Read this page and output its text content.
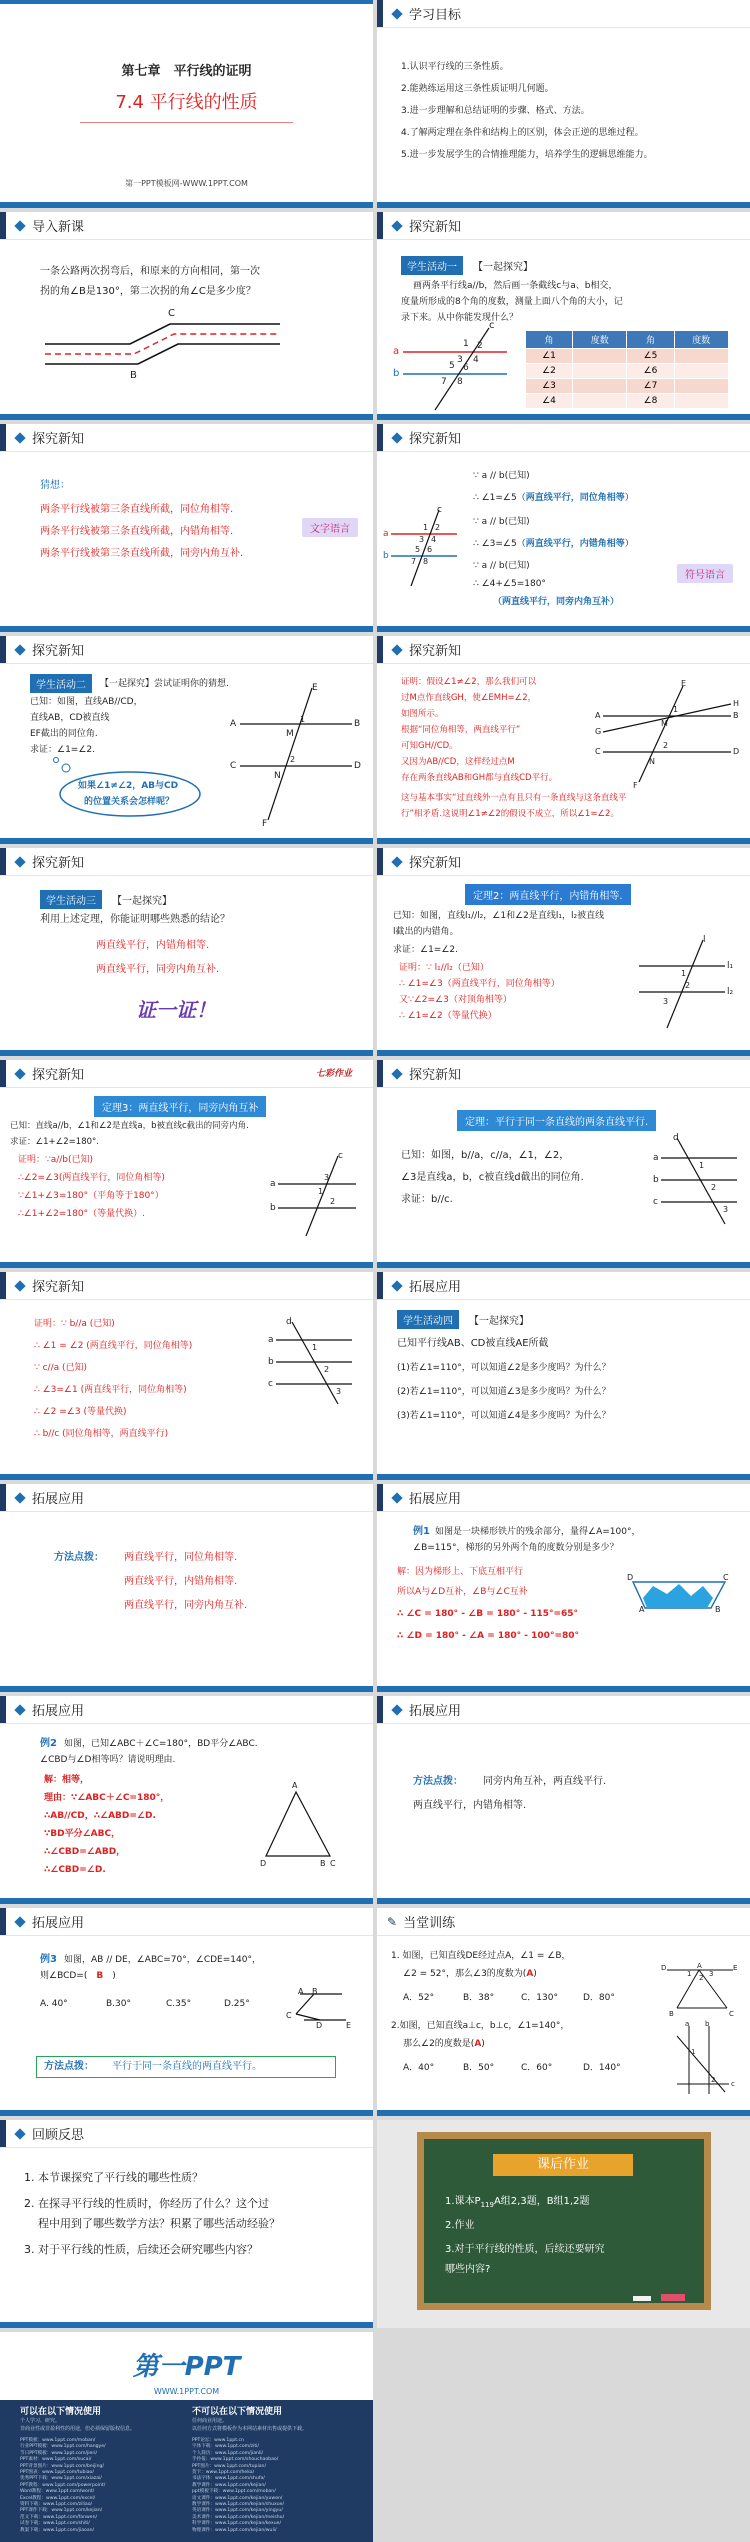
第七章　平行线的证明
7.4 平行线的性质
第一PPT模板网-WWW.1PPT.COM
学习目标
1.认识平行线的三条性质。
2.能熟练运用这三条性质证明几何题。
3.进一步理解和总结证明的步骤、格式、方法。
4.了解两定理在条件和结构上的区别，体会正逆的思维过程。
5.进一步发展学生的合情推理能力，培养学生的逻辑思维能力。
导入新课
一条公路两次拐弯后，和原来的方向相同，第一次
拐的角∠B是130°，第二次拐的角∠C是多少度？
C
B
探究新知
学生活动一	【一起探究】
画两条平行线a//b，然后画一条截线c与a、b相交，
度量所形成的8个角的度数，测量上面八个角的大小，记
录下来。从中你能发现什么？
a
b
c
1 2
3 4
5 6
7 8
角	度数	角	度数
∠1		∠5	
∠2		∠6	
∠3		∠7	
∠4		∠8	
探究新知
猜想：
两条平行线被第三条直线所截，同位角相等.
两条平行线被第三条直线所截，内错角相等.
两条平行线被第三条直线所截，同旁内角互补.
文字语言
探究新知
a
b
c
1 2
3 4
5 6
7 8
∵ a // b(已知)
∴ ∠1=∠5（两直线平行，同位角相等）
∵ a // b(已知)
∴ ∠3=∠5（两直线平行，内错角相等）
∵ a // b(已知)
∴ ∠4+∠5=180°
（两直线平行，同旁内角互补）
符号语言
探究新知
学生活动二	【一起探究】尝试证明你的猜想.
已知：如图，直线AB//CD，
直线AB，CD被直线
EF截出的同位角.
求证：∠1=∠2.
A	B
C	D
E
F
M
N
1
2
如果∠1≠∠2，AB与CD
的位置关系会怎样呢？
探究新知
证明：假设∠1≠∠2，那么我们可以
过M点作直线GH，使∠EMH=∠2，
如图所示。
根据“同位角相等，两直线平行”
可知GH//CD。
又因为AB//CD，这样经过点M
存在两条直线AB和GH都与直线CD平行。
这与基本事实“过直线外一点有且只有一条直线与这条直线平
行”相矛盾.这说明∠1≠∠2的假设不成立，所以∠1=∠2。
G
H
A	B
C	D
E
F
M
N
1
2
探究新知
学生活动三	【一起探究】
利用上述定理，你能证明哪些熟悉的结论？
两直线平行，内错角相等.
两直线平行，同旁内角互补.
证一证！
探究新知
定理2：两直线平行，内错角相等.
已知：如图，直线l₁//l₂，∠1和∠2是直线l₁，l₂被直线
l截出的内错角。
求证：∠1=∠2.
证明：∵ l₁//l₂（已知）
∴ ∠1=∠3（两直线平行，同位角相等）
又∵∠2=∠3（对顶角相等）
∴ ∠1=∠2（等量代换）
l
l₁
l₂
1
2
3
探究新知	七彩作业
定理3：两直线平行，同旁内角互补
已知：直线a//b，∠1和∠2是直线a，b被直线c截出的同旁内角.
求证：∠1+∠2=180°.
证明：∵a//b(已知)
∴∠2=∠3(两直线平行，同位角相等)
∵∠1+∠3=180°（平角等于180°）
∴∠1+∠2=180°（等量代换）.
a
b
c
1
2
3
探究新知
定理：平行于同一条直线的两条直线平行.
已知：如图，b//a，c//a，∠1，∠2，
∠3是直线a，b，c被直线d截出的同位角.
求证：b//c.
d
a
b
c
1
2
3
探究新知
证明：∵ b//a (已知)
∴ ∠1 = ∠2 (两直线平行，同位角相等)
∵ c//a (已知)
∴ ∠3=∠1 (两直线平行，同位角相等)
∴ ∠2 =∠3 (等量代换)
∴ b//c (同位角相等，两直线平行)
d
a
b
c
1
2
3
拓展应用
学生活动四	【一起探究】
已知平行线AB、CD被直线AE所截
(1)若∠1=110°，可以知道∠2是多少度吗？为什么？
(2)若∠1=110°，可以知道∠3是多少度吗？为什么？
(3)若∠1=110°，可以知道∠4是多少度吗？为什么？
拓展应用
方法点拨： 两直线平行，同位角相等.
两直线平行，内错角相等.
两直线平行，同旁内角互补.
拓展应用
例1 如图是一块梯形铁片的残余部分，量得∠A=100°，
∠B=115°，梯形的另外两个角的度数分别是多少？
解：因为梯形上、下底互相平行
所以A与∠D互补，∠B与∠C互补
∴ ∠C = 180° - ∠B = 180° - 115°=65°
∴ ∠D = 180° - ∠A = 180° - 100°=80°
A	B
C
D
拓展应用
例2 如图，已知∠ABC＋∠C=180°，BD平分∠ABC.
∠CBD与∠D相等吗？请说明理由.
解：相等，
理由：∵∠ABC＋∠C=180°，
∴AB//CD，∴∠ABD=∠D.
∵BD平分∠ABC，
∴∠CBD=∠ABD，
∴∠CBD=∠D.
A
B C
D
拓展应用
方法点拨： 同旁内角互补，两直线平行.
两直线平行，内错角相等.
拓展应用
例3 如图，AB // DE，∠ABC=70°，∠CDE=140°，
则∠BCD=(　B　)
A. 40°	B.30°	C.35°	D.25°
A B
C
D	E
方法点拨： 平行于同一条直线的两直线平行。
✎ 当堂训练
1. 如图，已知直线DE经过点A，∠1 = ∠B，
∠2 = 52°，那么∠3的度数为(A)
A．52°	B．38°	C．130°	D．80°
2.如图，已知直线a⊥c，b⊥c，∠1=140°，
那么∠2的度数是(A)
A．40°	B．50°	C．60°	D．140°
D	A	E
B	C
1 2 3
a b
c
1
2
回顾反思
1. 本节课探究了平行线的哪些性质？
2. 在探寻平行线的性质时，你经历了什么？这个过
程中用到了哪些数学方法？积累了哪些活动经验？
3. 对于平行线的性质，后续还会研究哪些内容？
课后作业
1.课本$P_{119}A$组2,3题，B组1,2题
2.作业
3.对于平行线的性质，后续还要研究
哪些内容?
第一PPT
WWW.1PPT.COM
可以在以下情况使用	不可以在以下情况使用
个人学习、研究。
非商业性或非盈利性的用途，但必须保留版权信息。
任何商业用途。
以任何方式将模板作为本网站素材出售或提供下载。
PPT模板：www.1ppt.com/moban/
行业PPT模板：www.1ppt.com/hangye/
节日PPT模板：www.1ppt.com/jieri/
PPT素材：www.1ppt.com/sucai/
PPT背景图片：www.1ppt.com/beijing/
PPT图表：www.1ppt.com/tubiao/
优秀PPT下载：www.1ppt.com/xiazai/
PPT教程：www.1ppt.com/powerpoint/
Word教程：www.1ppt.com/word/
Excel教程：www.1ppt.com/excel/
资料下载：www.1ppt.com/ziliao/
PPT课件下载：www.1ppt.com/kejian/
范文下载：www.1ppt.com/fanwen/
试卷下载：www.1ppt.com/shiti/
教案下载：www.1ppt.com/jiaoan/
PPT论坛：www.1ppt.cn
字体下载：www.1ppt.com/ziti/
个人简历：www.1ppt.com/jianli/
手抄报：www.1ppt.com/shouchaobao/
PPT图片：www.1ppt.com/tupian/
贺卡：www.1ppt.com/heka/
书法字体：www.1ppt.com/shufa/
教学课件：www.1ppt.com/kejian/
ppt模板下载：www.1ppt.com/moban/
语文课件：www.1ppt.com/kejian/yuwen/
数学课件：www.1ppt.com/kejian/shuxue/
英语课件：www.1ppt.com/kejian/yingyu/
美术课件：www.1ppt.com/kejian/meishu/
科学课件：www.1ppt.com/kejian/kexue/
物理课件：www.1ppt.com/kejian/wuli/
